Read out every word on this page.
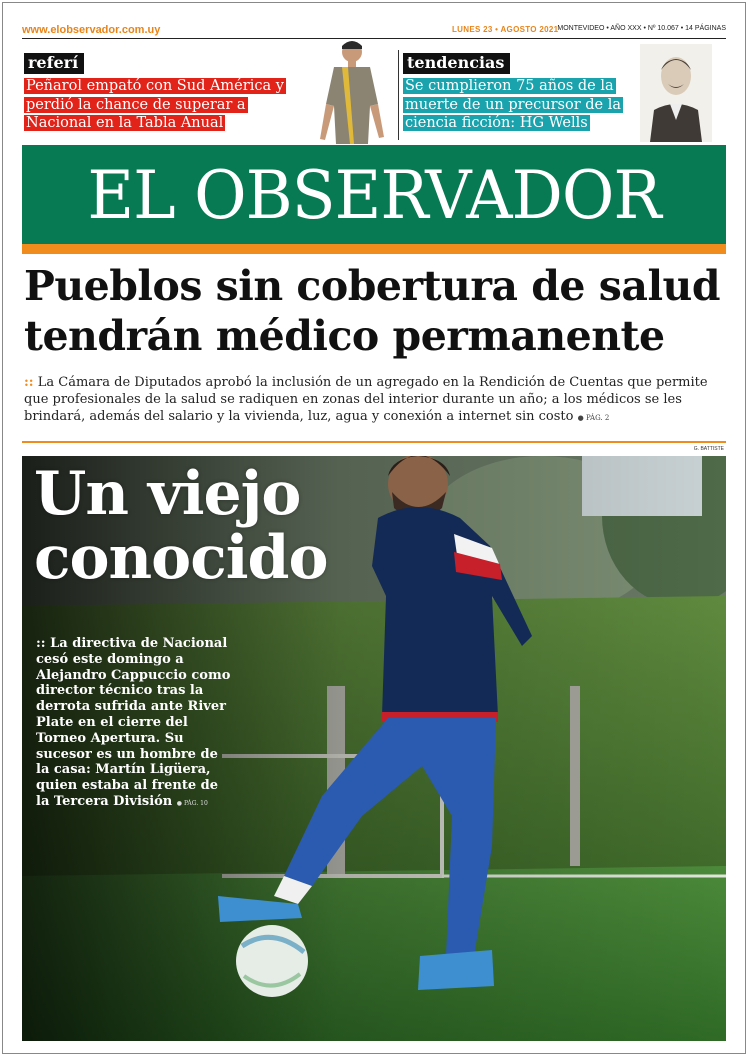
www.elobservador.com.uy	LUNES 23 • AGOSTO 2021 MONTEVIDEO • AÑO XXX • Nº 10.067 • 14 PÁGINAS
referí
Peñarol empató con Sud América y perdió la chance de superar a Nacional en la Tabla Anual
tendencias
Se cumplieron 75 años de la muerte de un precursor de la ciencia ficción: HG Wells
EL OBSERVADOR
Pueblos sin cobertura de salud
tendrán médico permanente
:: La Cámara de Diputados aprobó la inclusión de un agregado en la Rendición de Cuentas que permite que profesionales de la salud se radiquen en zonas del interior durante un año; a los médicos se les brindará, además del salario y la vivienda, luz, agua y conexión a internet sin costo ● PÁG. 2
G. BATTISTE
Un viejo
conocido
:: La directiva de Nacional cesó este domingo a Alejandro Cappuccio como director técnico tras la derrota sufrida ante River Plate en el cierre del Torneo Apertura. Su sucesor es un hombre de la casa: Martín Ligüera, quien estaba al frente de la Tercera División ● PÁG. 10
